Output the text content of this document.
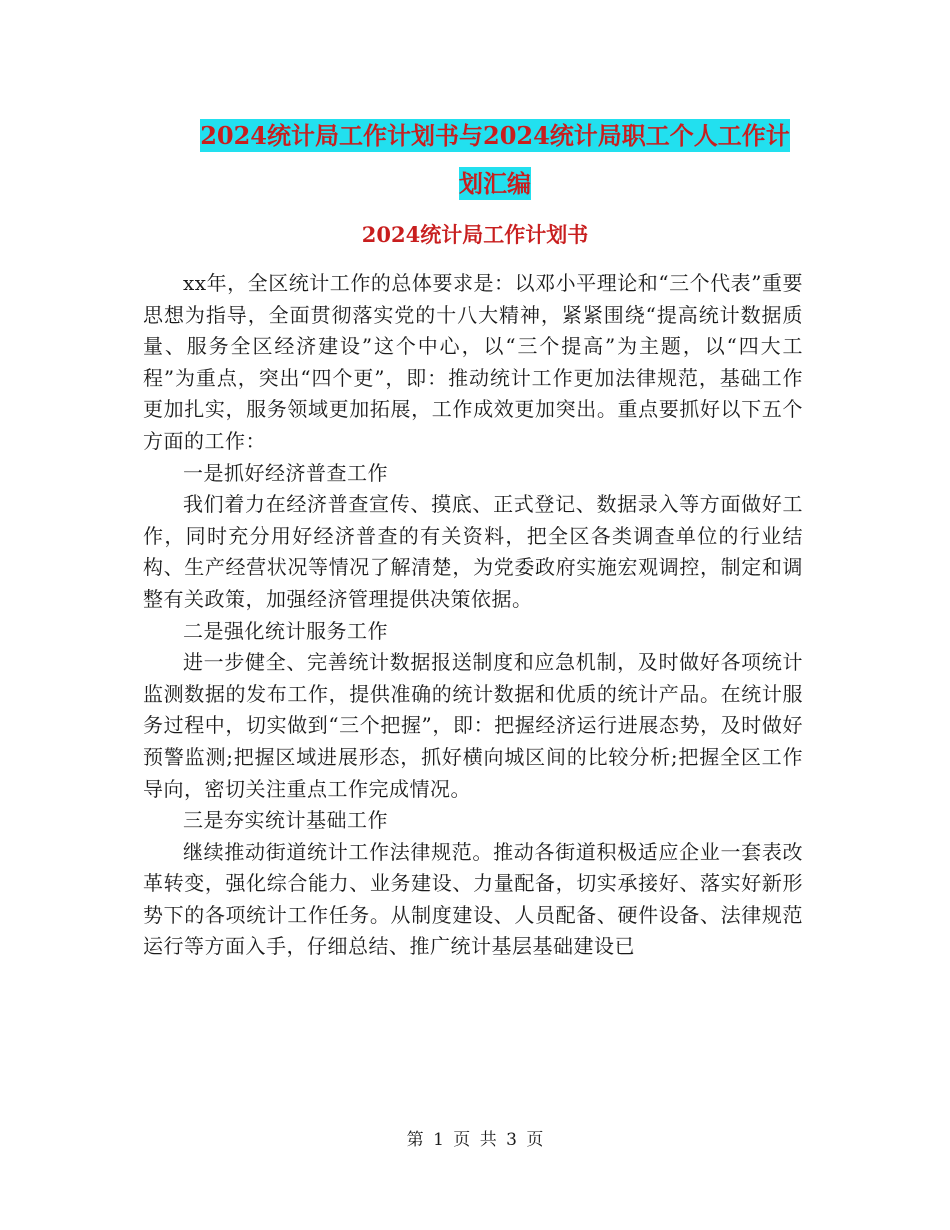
2024统计局工作计划书与2024统计局职工个人工作计
划汇编
2024统计局工作计划书

xx年，全区统计工作的总体要求是：以邓小平理论和“三个代表”重要思想为指导，全面贯彻落实党的十八大精神，紧紧围绕“提高统计数据质量、服务全区经济建设”这个中心，以“三个提高”为主题，以“四大工程”为重点，突出“四个更”，即：推动统计工作更加法律规范，基础工作更加扎实，服务领域更加拓展，工作成效更加突出。重点要抓好以下五个方面的工作：

一是抓好经济普查工作

我们着力在经济普查宣传、摸底、正式登记、数据录入等方面做好工作，同时充分用好经济普查的有关资料，把全区各类调查单位的行业结构、生产经营状况等情况了解清楚，为党委政府实施宏观调控，制定和调整有关政策，加强经济管理提供决策依据。

二是强化统计服务工作

进一步健全、完善统计数据报送制度和应急机制，及时做好各项统计监测数据的发布工作，提供准确的统计数据和优质的统计产品。在统计服务过程中，切实做到“三个把握”，即：把握经济运行进展态势，及时做好预警监测;把握区域进展形态，抓好横向城区间的比较分析;把握全区工作导向，密切关注重点工作完成情况。

三是夯实统计基础工作

继续推动街道统计工作法律规范。推动各街道积极适应企业一套表改革转变，强化综合能力、业务建设、力量配备，切实承接好、落实好新形势下的各项统计工作任务。从制度建设、人员配备、硬件设备、法律规范运行等方面入手，仔细总结、推广统计基层基础建设已

第 1 页 共 3 页
